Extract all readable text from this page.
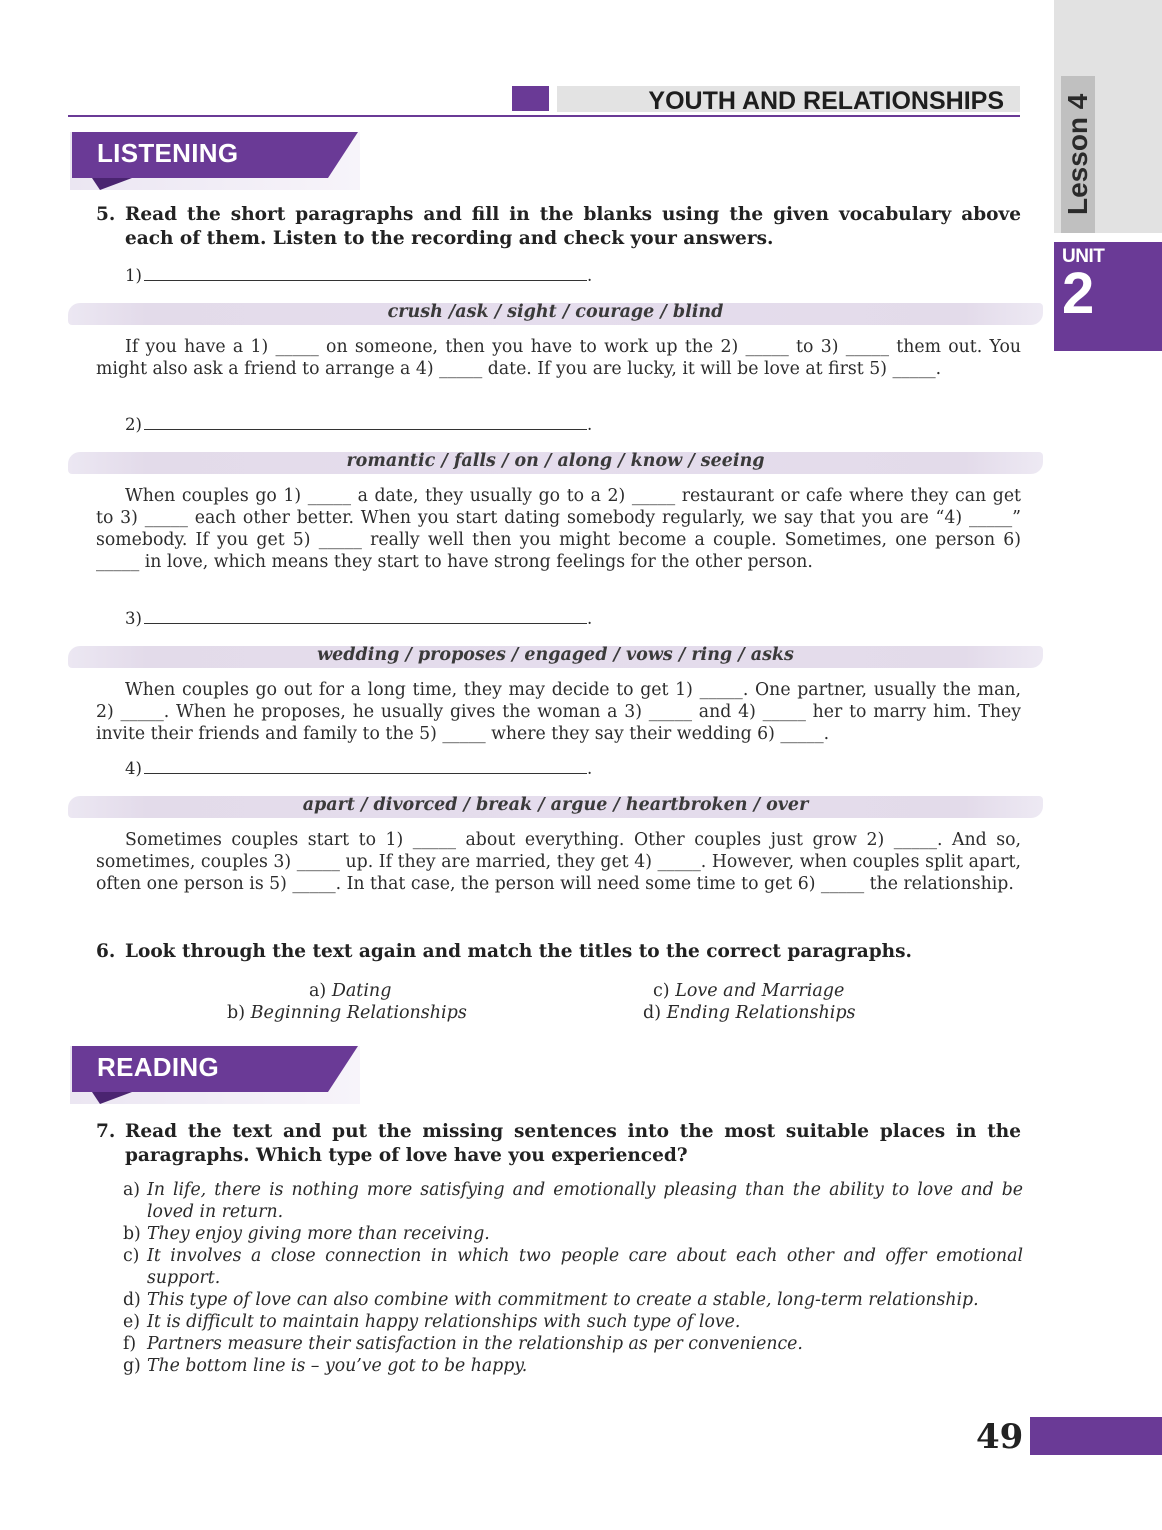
YOUTH AND RELATIONSHIPS Lesson 4
UNIT
2
LISTENING
5. Read the short paragraphs and fill in the blanks using the given vocabulary above each of them. Listen to the recording and check your answers.
1)	.
crush /ask / sight / courage / blind

If you have a 1) _____ on someone, then you have to work up the 2) _____ to 3) _____ them out. You might also ask a friend to arrange a 4) _____ date. If you are lucky, it will be love at first 5) _____.

2)	.
romantic / falls / on / along / know / seeing

When couples go 1) _____ a date, they usually go to a 2) _____ restaurant or cafe where they can get to 3) _____ each other better. When you start dating somebody regularly, we say that you are “4) _____” somebody. If you get 5) _____ really well then you might become a couple. Sometimes, one person 6) _____ in love, which means they start to have strong feelings for the other person.

3)	.
wedding / proposes / engaged / vows / ring / asks

When couples go out for a long time, they may decide to get 1) _____. One partner, usually the man, 2) _____. When he proposes, he usually gives the woman a 3) _____ and 4) _____ her to marry him. They invite their friends and family to the 5) _____ where they say their wedding 6) _____.

4)	.
apart / divorced / break / argue / heartbroken / over

Sometimes couples start to 1) _____ about everything. Other couples just grow 2) _____. And so, sometimes, couples 3) _____ up. If they are married, they get 4) _____. However, when couples split apart, often one person is 5) _____. In that case, the person will need some time to get 6) _____ the relationship.

6. Look through the text again and match the titles to the correct paragraphs.
a) Dating
b) Beginning Relationships
c) Love and Marriage
d) Ending Relationships
READING
7. Read the text and put the missing sentences into the most suitable places in the paragraphs. Which type of love have you experienced?
a) In life, there is nothing more satisfying and emotionally pleasing than the ability to love and be loved in return.
b) They enjoy giving more than receiving.
c) It involves a close connection in which two people care about each other and offer emotional support.
d) This type of love can also combine with commitment to create a stable, long-term relationship.
e) It is difficult to maintain happy relationships with such type of love.
f) Partners measure their satisfaction in the relationship as per convenience.
g) The bottom line is – you’ve got to be happy.
49
